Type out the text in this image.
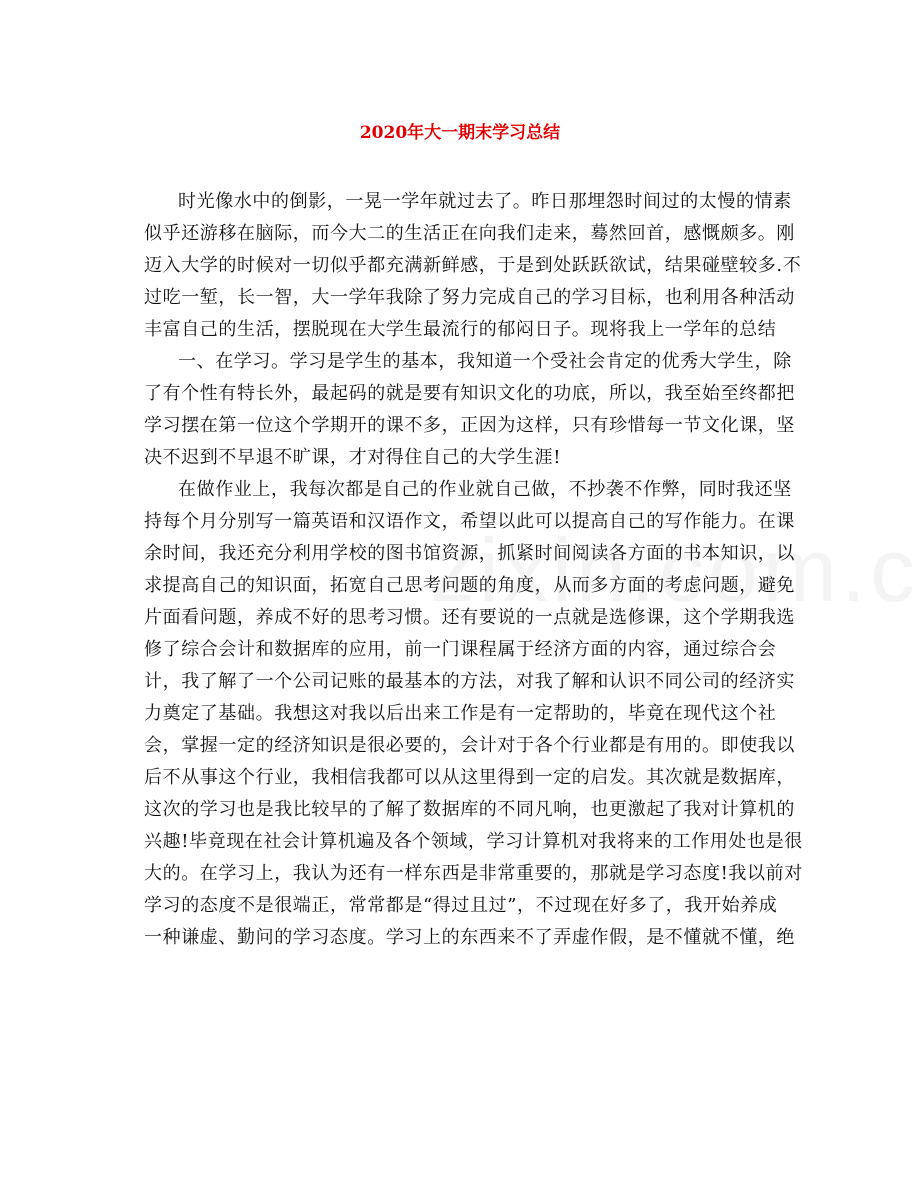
2020年大一期末学习总结
时光像水中的倒影，一晃一学年就过去了。昨日那埋怨时间过的太慢的情素
似乎还游移在脑际，而今大二的生活正在向我们走来，蓦然回首，感慨颇多。刚
迈入大学的时候对一切似乎都充满新鲜感，于是到处跃跃欲试，结果碰壁较多.不
过吃一堑，长一智，大一学年我除了努力完成自己的学习目标，也利用各种活动
丰富自己的生活，摆脱现在大学生最流行的郁闷日子。现将我上一学年的总结
一、在学习。学习是学生的基本，我知道一个受社会肯定的优秀大学生，除
了有个性有特长外，最起码的就是要有知识文化的功底，所以，我至始至终都把
学习摆在第一位这个学期开的课不多，正因为这样，只有珍惜每一节文化课，坚
决不迟到不早退不旷课，才对得住自己的大学生涯!
在做作业上，我每次都是自己的作业就自己做，不抄袭不作弊，同时我还坚
持每个月分别写一篇英语和汉语作文，希望以此可以提高自己的写作能力。在课
余时间，我还充分利用学校的图书馆资源，抓紧时间阅读各方面的书本知识，以
求提高自己的知识面，拓宽自己思考问题的角度，从而多方面的考虑问题，避免
片面看问题，养成不好的思考习惯。还有要说的一点就是选修课，这个学期我选
修了综合会计和数据库的应用，前一门课程属于经济方面的内容，通过综合会
计，我了解了一个公司记账的最基本的方法，对我了解和认识不同公司的经济实
力奠定了基础。我想这对我以后出来工作是有一定帮助的，毕竟在现代这个社
会，掌握一定的经济知识是很必要的，会计对于各个行业都是有用的。即使我以
后不从事这个行业，我相信我都可以从这里得到一定的启发。其次就是数据库，
这次的学习也是我比较早的了解了数据库的不同凡响，也更激起了我对计算机的
兴趣!毕竟现在社会计算机遍及各个领域，学习计算机对我将来的工作用处也是很
大的。在学习上，我认为还有一样东西是非常重要的，那就是学习态度!我以前对
学习的态度不是很端正，常常都是“得过且过”，不过现在好多了，我开始养成
一种谦虚、勤问的学习态度。学习上的东西来不了弄虚作假，是不懂就不懂，绝
